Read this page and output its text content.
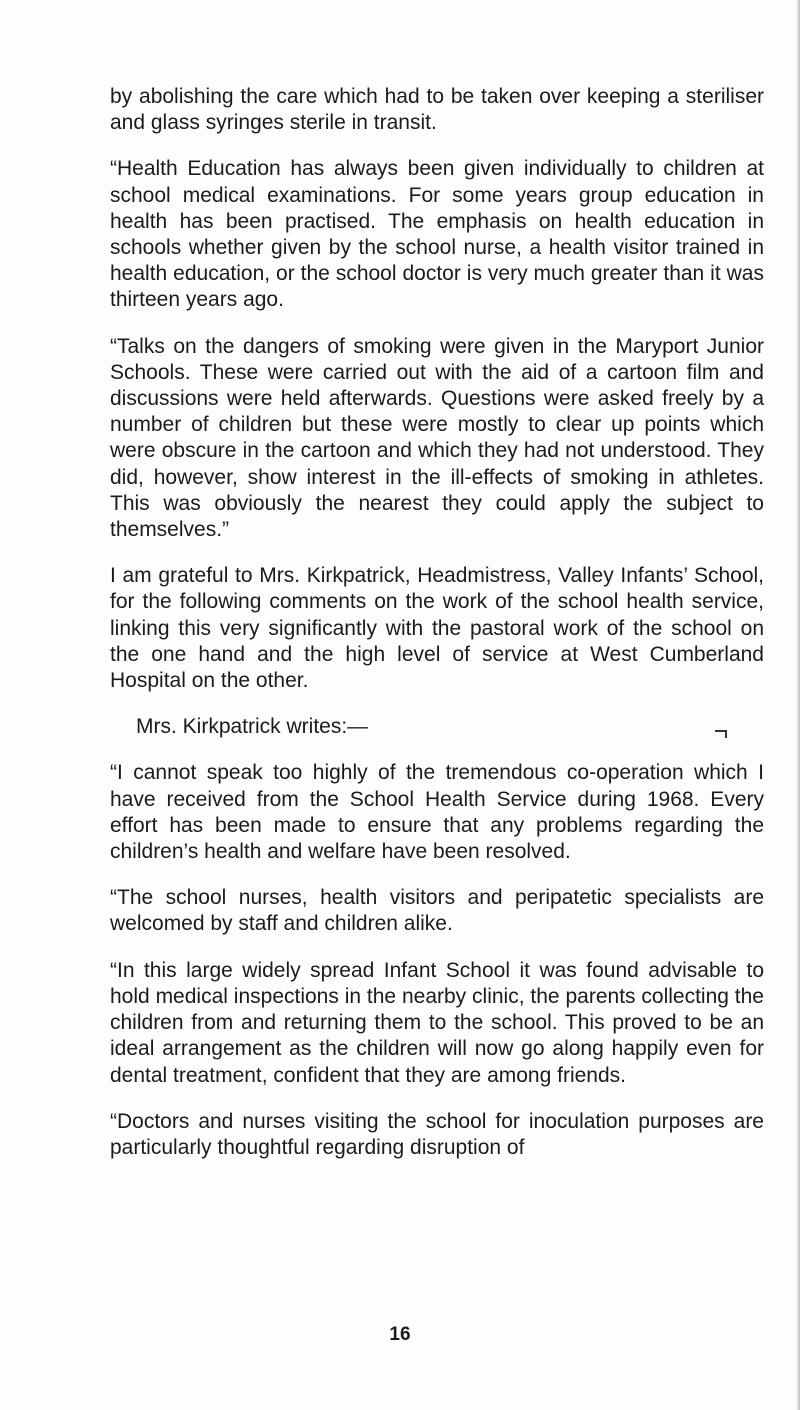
by abolishing the care which had to be taken over keeping a steriliser and glass syringes sterile in transit.

“Health Education has always been given individually to children at school medical examinations. For some years group education in health has been practised. The emphasis on health education in schools whether given by the school nurse, a health visitor trained in health education, or the school doctor is very much greater than it was thirteen years ago.

“Talks on the dangers of smoking were given in the Maryport Junior Schools. These were carried out with the aid of a cartoon film and discussions were held afterwards. Questions were asked freely by a number of children but these were mostly to clear up points which were obscure in the cartoon and which they had not understood. They did, however, show interest in the ill-effects of smoking in athletes. This was obviously the nearest they could apply the subject to themselves.”

I am grateful to Mrs. Kirkpatrick, Headmistress, Valley Infants’ School, for the following comments on the work of the school health service, linking this very significantly with the pastoral work of the school on the one hand and the high level of service at West Cumberland Hospital on the other.

Mrs. Kirkpatrick writes:—

“I cannot speak too highly of the tremendous co-operation which I have received from the School Health Service during 1968. Every effort has been made to ensure that any problems regarding the children’s health and welfare have been resolved.

“The school nurses, health visitors and peripatetic specialists are welcomed by staff and children alike.

“In this large widely spread Infant School it was found advisable to hold medical inspections in the nearby clinic, the parents collecting the children from and returning them to the school. This proved to be an ideal arrangement as the children will now go along happily even for dental treatment, confident that they are among friends.

“Doctors and nurses visiting the school for inoculation purposes are particularly thoughtful regarding disruption of

16
